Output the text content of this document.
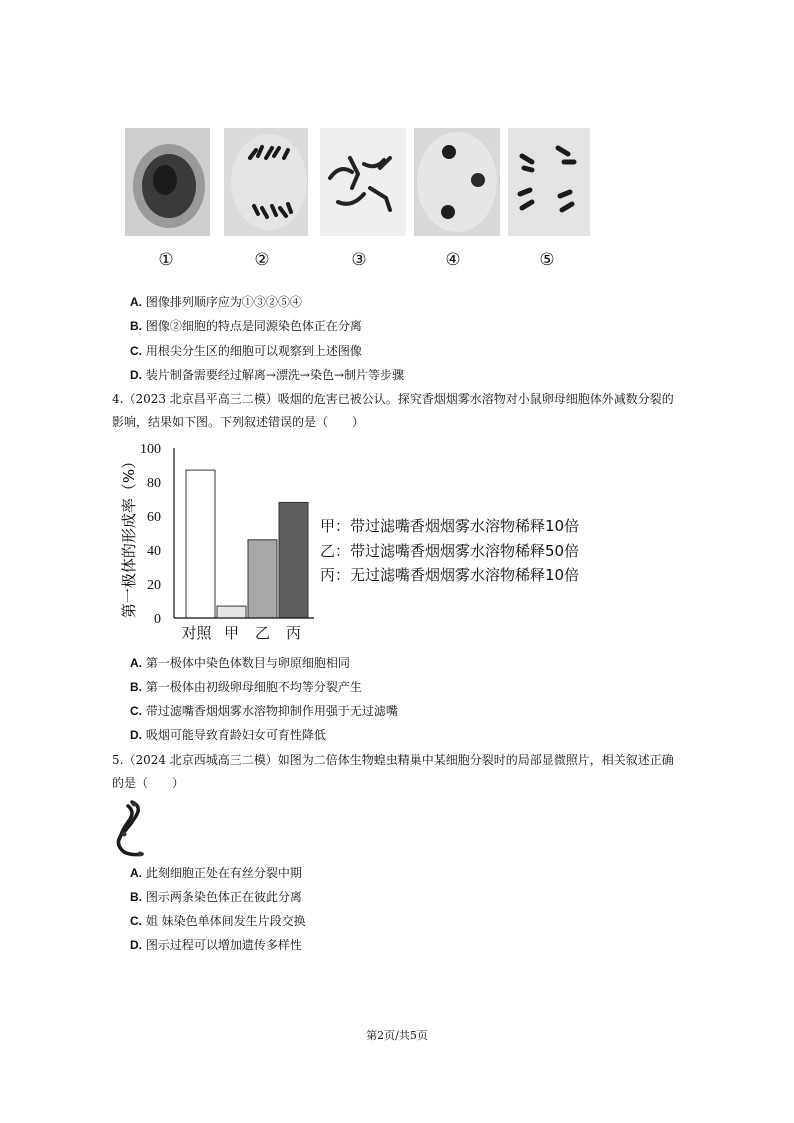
①	②	③	④	⑤
A. 图像排列顺序应为①③②⑤④
B. 图像②细胞的特点是同源染色体正在分离
C. 用根尖分生区的细胞可以观察到上述图像
D. 装片制备需要经过解离→漂洗→染色→制片等步骤
4.（2023 北京昌平高三二模）吸烟的危害已被公认。探究香烟烟雾水溶物对小鼠卵母细胞体外减数分裂的
影响，结果如下图。下列叙述错误的是（　　）
第一极体的形成率（%）
0
20
40
60
80
100
对照 甲 乙 丙
甲：带过滤嘴香烟烟雾水溶物稀释10倍
乙：带过滤嘴香烟烟雾水溶物稀释50倍
丙：无过滤嘴香烟烟雾水溶物稀释10倍
A. 第一极体中染色体数目与卵原细胞相同
B. 第一极体由初级卵母细胞不均等分裂产生
C. 带过滤嘴香烟烟雾水溶物抑制作用强于无过滤嘴
D. 吸烟可能导致育龄妇女可育性降低
5.（2024 北京西城高三二模）如图为二倍体生物蝗虫精巢中某细胞分裂时的局部显微照片，相关叙述正确
的是（　　）
A. 此刻细胞正处在有丝分裂中期
B. 图示两条染色体正在彼此分离
C. 姐 妹染色单体间发生片段交换
D. 图示过程可以增加遗传多样性
第2页/共5页
